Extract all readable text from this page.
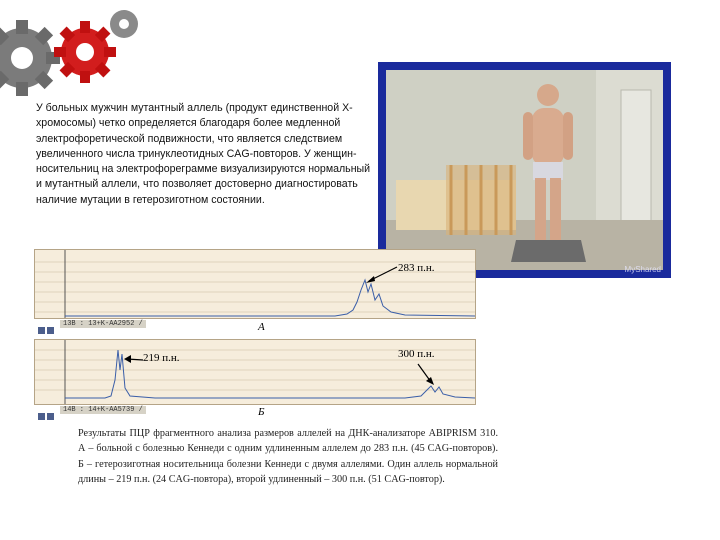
У больных мужчин мутантный аллель (продукт единственной Х-хромосомы) четко определяется благодаря более медленной электрофоретической подвижности, что является следствием увеличенного числа тринуклеотидных CAG-повторов. У женщин-носительниц на электрофореграмме визуализируются нормальный и мутантный аллели, что позволяет достоверно диагностировать наличие мутации в гетерозиготном состоянии.

MyShared
283 п.н.
13B : 13+K-AA2952 /	А
219 п.н.	300 п.н.
14B : 14+K-AA5739 /	Б

Результаты ПЦР фрагментного анализа размеров аллелей на ДНК-анализаторе ABIPRISM 310. А – больной с болезнью Кеннеди с одним удлиненным аллелем до 283 п.н. (45 CAG-повторов). Б – гетерозиготная носительница болезни Кеннеди с двумя аллелями. Один аллель нормальной длины – 219 п.н. (24 CAG-повтора), второй удлиненный – 300 п.н. (51 CAG-повтор).
